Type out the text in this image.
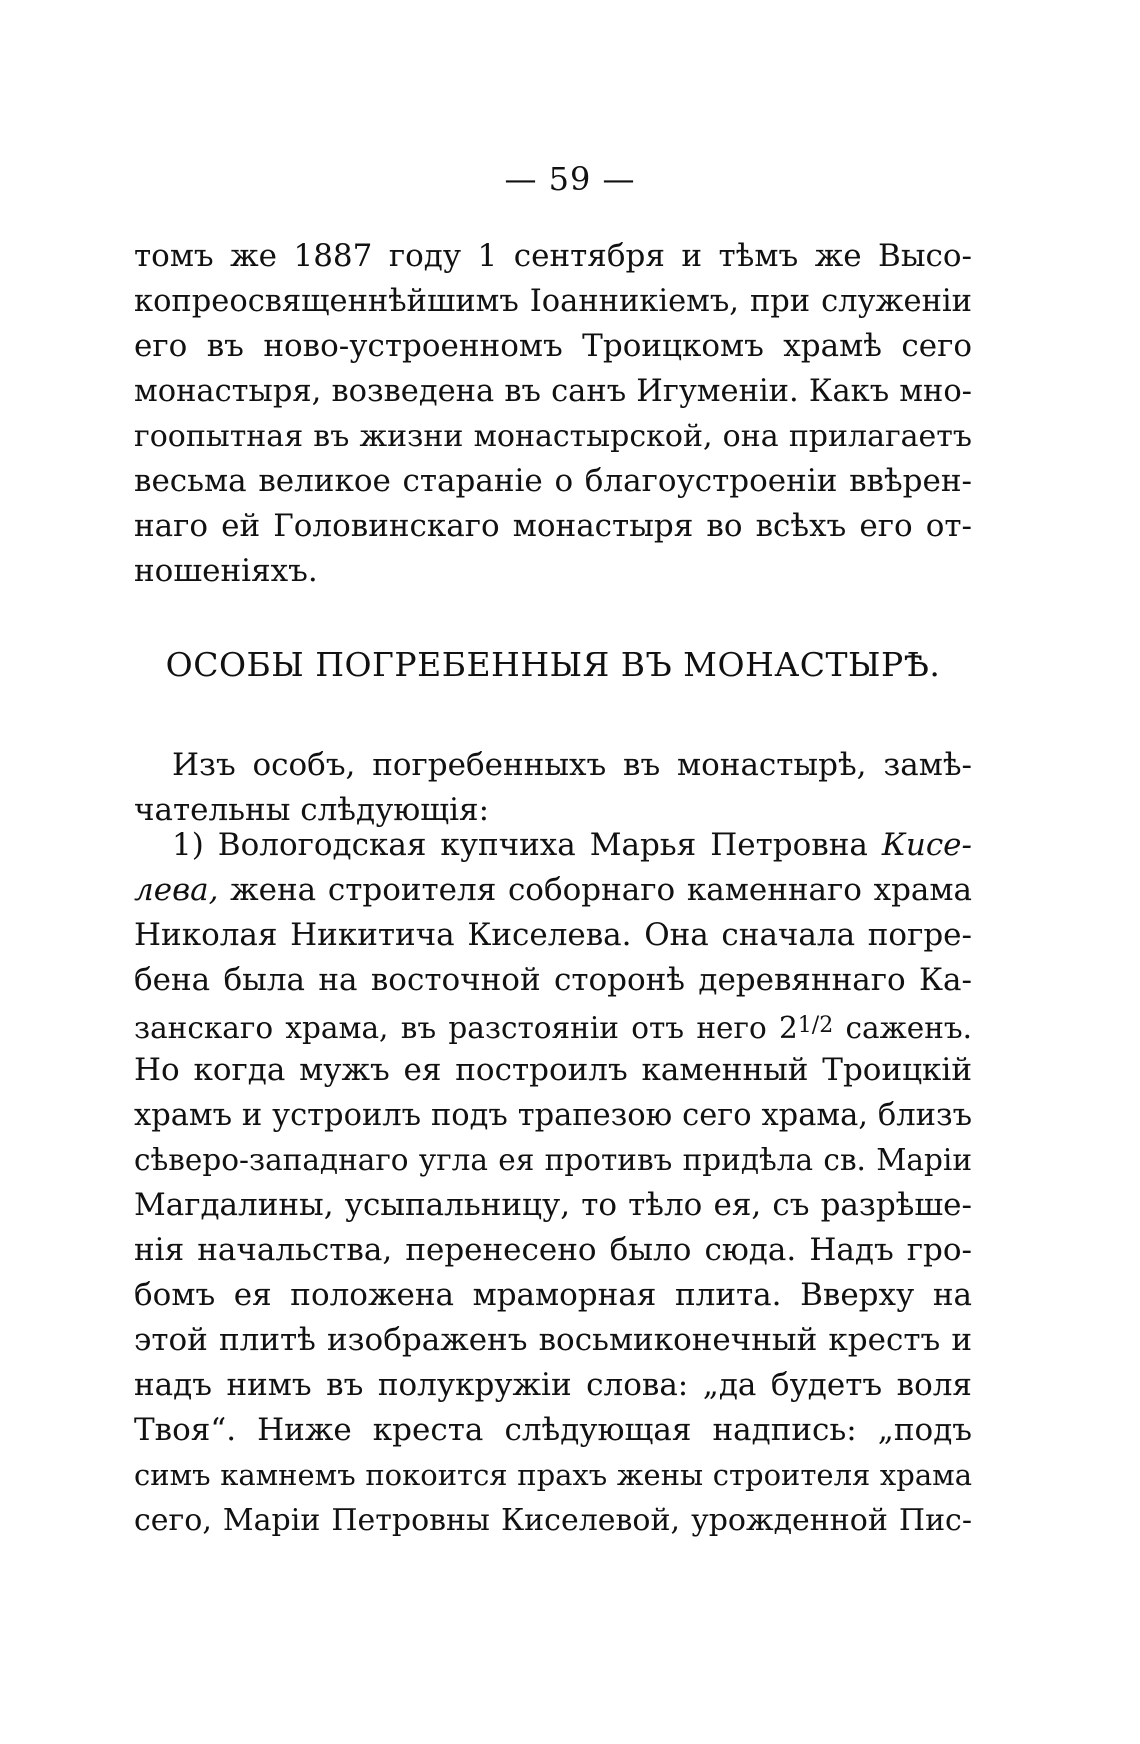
— 59 —
томъ же 1887 году 1 сентября и тѣмъ же Высо-
копреосвященнѣйшимъ Іоанникіемъ, при служеніи
его въ ново-устроенномъ Троицкомъ храмѣ сего
монастыря, возведена въ санъ Игуменіи. Какъ мно-
гоопытная въ жизни монастырской, она прилагаетъ
весьма великое стараніе о благоустроеніи ввѣрен-
наго ей Головинскаго монастыря во всѣхъ его от-
ношеніяхъ.
ОСОБЫ ПОГРЕБЕННЫЯ ВЪ МОНАСТЫРѢ.
Изъ особъ, погребенныхъ въ монастырѣ, замѣ-
чательны слѣдующія:
1) Вологодская купчиха Марья Петровна Кисе-
лева, жена строителя соборнаго каменнаго храма
Николая Никитича Киселева. Она сначала погре-
бена была на восточной сторонѣ деревяннаго Ка-
занскаго храма, въ разстояніи отъ него $2^{1/2}$ саженъ.
Но когда мужъ ея построилъ каменный Троицкій
храмъ и устроилъ подъ трапезою сего храма, близъ
сѣверо-западнаго угла ея противъ придѣла св. Маріи
Магдалины, усыпальницу, то тѣло ея, съ разрѣше-
нія начальства, перенесено было сюда. Надъ гро-
бомъ ея положена мраморная плита. Вверху на
этой плитѣ изображенъ восьмиконечный крестъ и
надъ нимъ въ полукружіи слова: „да будетъ воля
Твоя“. Ниже креста слѣдующая надпись: „подъ
симъ камнемъ покоится прахъ жены строителя храма
сего, Маріи Петровны Киселевой, урожденной Пис-
